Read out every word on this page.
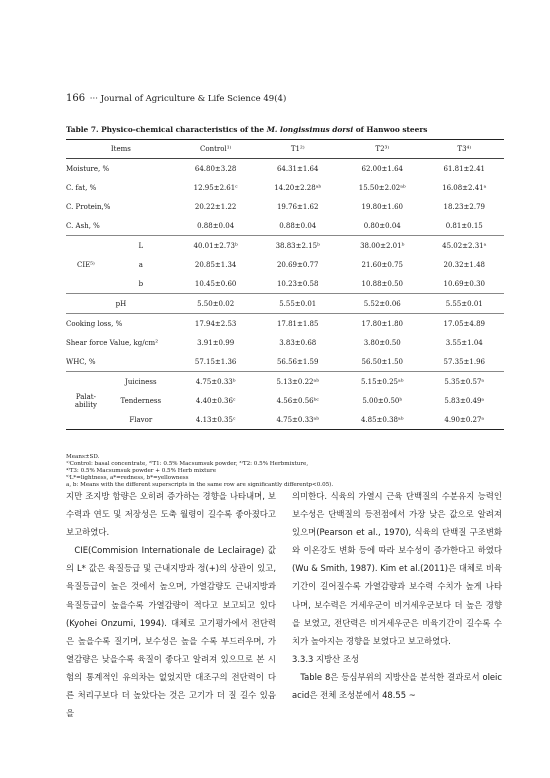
166 ··· Journal of Agriculture & Life Science 49(4)
Table 7. Physico-chemical characteristics of the M. longissimus dorsi of Hanwoo steers
Items		Control¹⁾	T1²⁾	T2³⁾	T3⁴⁾
Moisture, %		64.80±3.28	64.31±1.64	62.00±1.64	61.81±2.41
C. fat, %		12.95±2.61ᶜ	14.20±2.28ᵃᵇ	15.50±2.02ᵃᵇ	16.08±2.41ᵃ
C. Protein,%		20.22±1.22	19.76±1.62	19.80±1.60	18.23±2.79
C. Ash, %		0.88±0.04	0.88±0.04	0.80±0.04	0.81±0.15
CIE⁵⁾	L	40.01±2.73ᵇ	38.83±2.15ᵇ	38.00±2.01ᵇ	45.02±2.31ᵃ
	a	20.85±1.34	20.69±0.77	21.60±0.75	20.32±1.48
	b	10.45±0.60	10.23±0.58	10.88±0.50	10.69±0.30
pH		5.50±0.02	5.55±0.01	5.52±0.06	5.55±0.01
Cooking loss, %		17.94±2.53	17.81±1.85	17.80±1.80	17.05±4.89
Shear force Value, kg/cm²		3.91±0.99	3.83±0.68	3.80±0.50	3.55±1.04
WHC, %		57.15±1.36	56.56±1.59	56.50±1.50	57.35±1.96
Palat-
ability	Juiciness	4.75±0.33ᵇ	5.13±0.22ᵃᵇ	5.15±0.25ᵃᵇ	5.35±0.57ᵃ
	Tenderness	4.40±0.36ᶜ	4.56±0.56ᵇᶜ	5.00±0.50ᵇ	5.83±0.49ᵃ
	Flavor	4.13±0.35ᶜ	4.75±0.33ᵃᵇ	4.85±0.38ᵃᵇ	4.90±0.27ᵃ
Means±SD.
¹⁾Control: basal concentrate, ²⁾T1: 0.5% Macsumsuk powder, ³⁾T2: 0.5% Herbmixture,
⁴⁾T3: 0.5% Macsumsuk powder + 0.5% Herb mixture
⁵⁾L*=lightness, a*=redness, b*=yellowness
a, b: Means with the different superscripts in the same row are significantly differentp<0.05).

지만 조지방 함량은 오히려 증가하는 경향을 나타내며, 보수력과 연도 및 저장성은 도축 월령이 길수록 좋아졌다고 보고하였다.

CIE(Commision Internationale de Leclairage) 값의 L* 값은 육질등급 및 근내지방과 정(+)의 상관이 있고, 육질등급이 높은 것에서 높으며, 가열감량도 근내지방과 육질등급이 높을수록 가열감량이 적다고 보고되고 있다(Kyohei Onzumi, 1994). 대체로 고기평가에서 전단력은 높을수록 질기며, 보수성은 높을 수록 부드러우며, 가열감량은 낮을수록 육질이 좋다고 알려져 있으므로 본 시험의 통계적인 유의차는 없었지만 대조구의 전단력이 다른 처리구보다 더 높았다는 것은 고기가 더 질 길수 있음을

의미한다. 식육의 가열시 근육 단백질의 수분유지 능력인 보수성은 단백질의 등전점에서 가장 낮은 값으로 알려져 있으며(Pearson et al., 1970), 식육의 단백질 구조변화와 이온강도 변화 등에 따라 보수성이 증가한다고 하였다(Wu & Smith, 1987). Kim et al.(2011)은 대체로 비육기간이 길어질수록 가열감량과 보수력 수치가 높게 나타나며, 보수력은 거세우군이 비거세우군보다 더 높은 경향을 보였고, 전단력은 비거세우군은 비육기간이 길수록 수치가 높아지는 경향을 보였다고 보고하였다.

3.3.3 지방산 조성

Table 8은 등심부위의 지방산을 분석한 결과로서 oleic acid은 전체 조성분에서 48.55 ~
